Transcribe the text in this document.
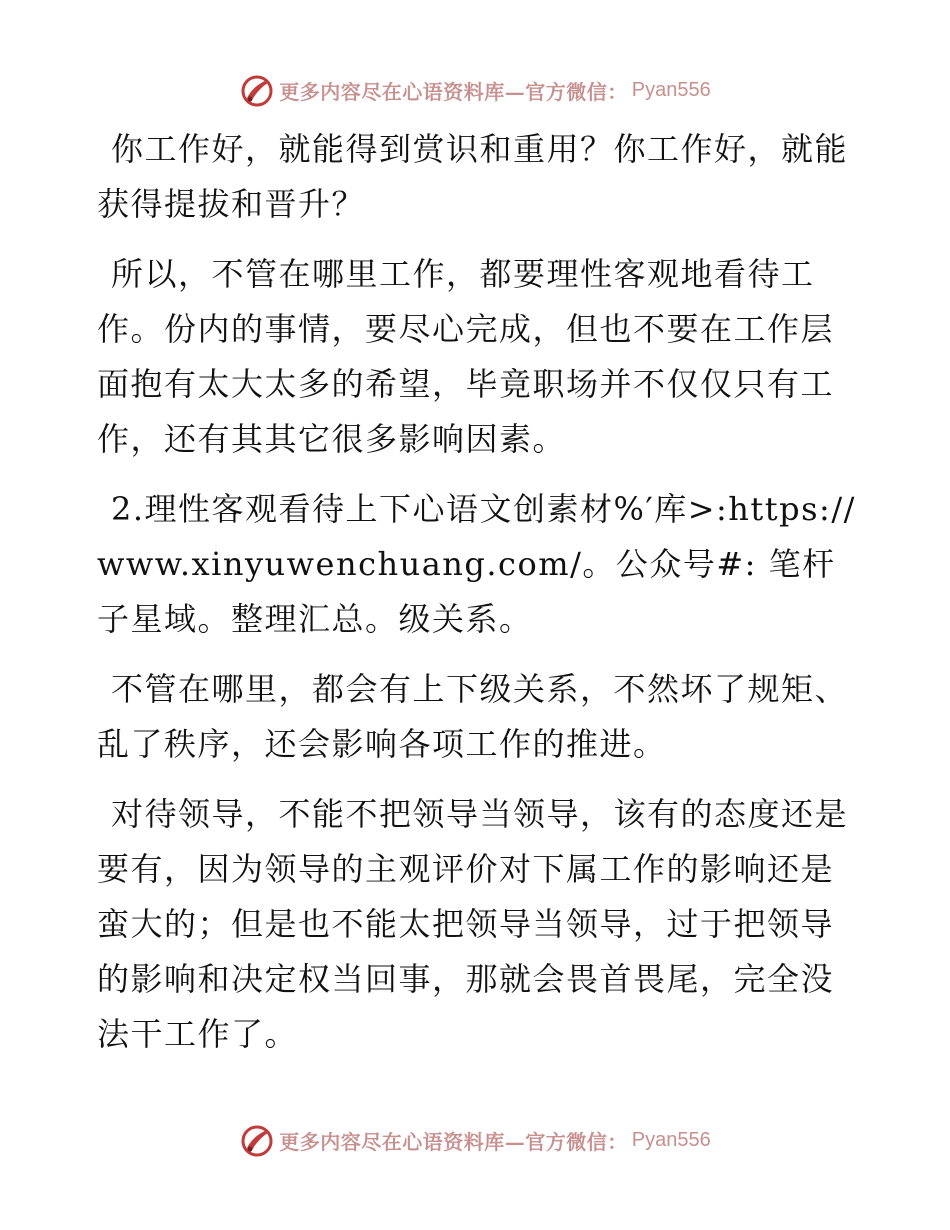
更多内容尽在心语资料库—官方微信： Pyan556

你工作好，就能得到赏识和重用？你工作好，就能获得提拔和晋升？

所以，不管在哪里工作，都要理性客观地看待工作。份内的事情，要尽心完成，但也不要在工作层面抱有太大太多的希望，毕竟职场并不仅仅只有工作，还有其其它很多影响因素。

2.理性客观看待上下心语文创素材%′库>:https://www.xinyuwenchuang.com/。公众号#: 笔杆子星域。整理汇总。级关系。

不管在哪里，都会有上下级关系，不然坏了规矩、乱了秩序，还会影响各项工作的推进。

对待领导，不能不把领导当领导，该有的态度还是要有，因为领导的主观评价对下属工作的影响还是蛮大的；但是也不能太把领导当领导，过于把领导的影响和决定权当回事，那就会畏首畏尾，完全没法干工作了。

更多内容尽在心语资料库—官方微信： Pyan556
